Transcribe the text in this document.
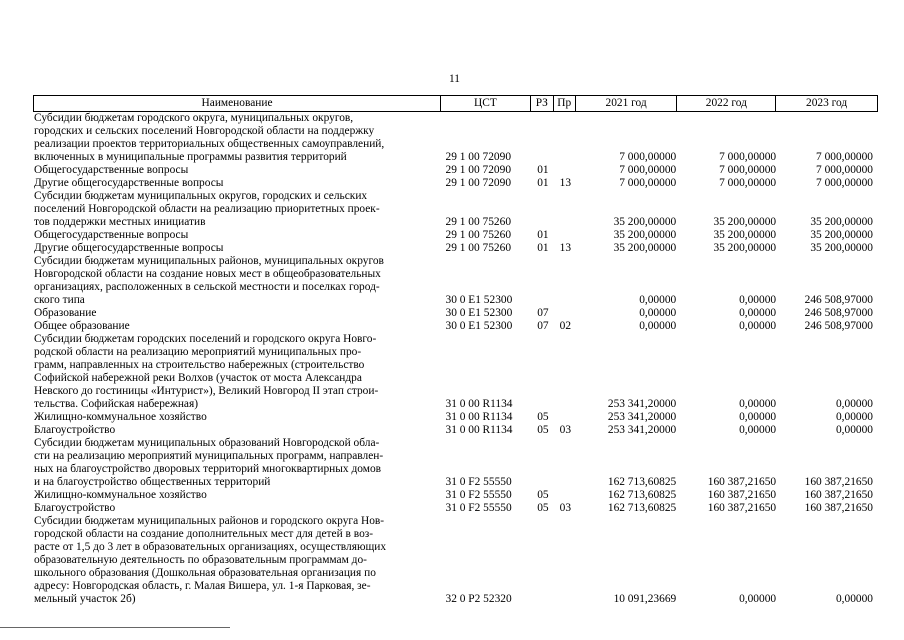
11
Наименование	ЦСТ	РЗ Пр	2021 год	2022 год	2023 год
Субсидии бюджетам городского округа, муниципальных округов,
городских и сельских поселений Новгородской области на поддержку
реализации проектов территориальных общественных самоуправлений,
включенных в муниципальные программы развития территорий	29 1 00 72090	7 000,00000	7 000,00000	7 000,00000
Общегосударственные вопросы	29 1 00 72090	01	7 000,00000	7 000,00000	7 000,00000
Другие общегосударственные вопросы	29 1 00 72090	01 13	7 000,00000	7 000,00000	7 000,00000
Субсидии бюджетам муниципальных округов, городских и сельских
поселений Новгородской области на реализацию приоритетных проек-
тов поддержки местных инициатив	29 1 00 75260	35 200,00000	35 200,00000	35 200,00000
Общегосударственные вопросы	29 1 00 75260	01	35 200,00000	35 200,00000	35 200,00000
Другие общегосударственные вопросы	29 1 00 75260	01 13	35 200,00000	35 200,00000	35 200,00000
Субсидии бюджетам муниципальных районов, муниципальных округов
Новгородской области на создание новых мест в общеобразовательных
организациях, расположенных в сельской местности и поселках город-
ского типа	30 0 E1 52300	0,00000	0,00000	246 508,97000
Образование	30 0 E1 52300	07	0,00000	0,00000	246 508,97000
Общее образование	30 0 E1 52300	07 02	0,00000	0,00000	246 508,97000
Субсидии бюджетам городских поселений и городского округа Новго-
родской области на реализацию мероприятий муниципальных про-
грамм, направленных на строительство набережных (строительство
Софийской набережной реки Волхов (участок от моста Александра
Невского до гостиницы «Интурист»), Великий Новгород II этап строи-
тельства. Софийская набережная)	31 0 00 R1134	253 341,20000	0,00000	0,00000
Жилищно-коммунальное хозяйство	31 0 00 R1134	05	253 341,20000	0,00000	0,00000
Благоустройство	31 0 00 R1134	05 03	253 341,20000	0,00000	0,00000
Субсидии бюджетам муниципальных образований Новгородской обла-
сти на реализацию мероприятий муниципальных программ, направлен-
ных на благоустройство дворовых территорий многоквартирных домов
и на благоустройство общественных территорий	31 0 F2 55550	162 713,60825	160 387,21650	160 387,21650
Жилищно-коммунальное хозяйство	31 0 F2 55550	05	162 713,60825	160 387,21650	160 387,21650
Благоустройство	31 0 F2 55550	05 03	162 713,60825	160 387,21650	160 387,21650
Субсидии бюджетам муниципальных районов и городского округа Нов-
городской области на создание дополнительных мест для детей в воз-
расте от 1,5 до 3 лет в образовательных организациях, осуществляющих
образовательную деятельность по образовательным программам до-
школьного образования (Дошкольная образовательная организация по
адресу: Новгородская область, г. Малая Вишера, ул. 1-я Парковая, зе-
мельный участок 2б)	32 0 P2 52320	10 091,23669	0,00000	0,00000
